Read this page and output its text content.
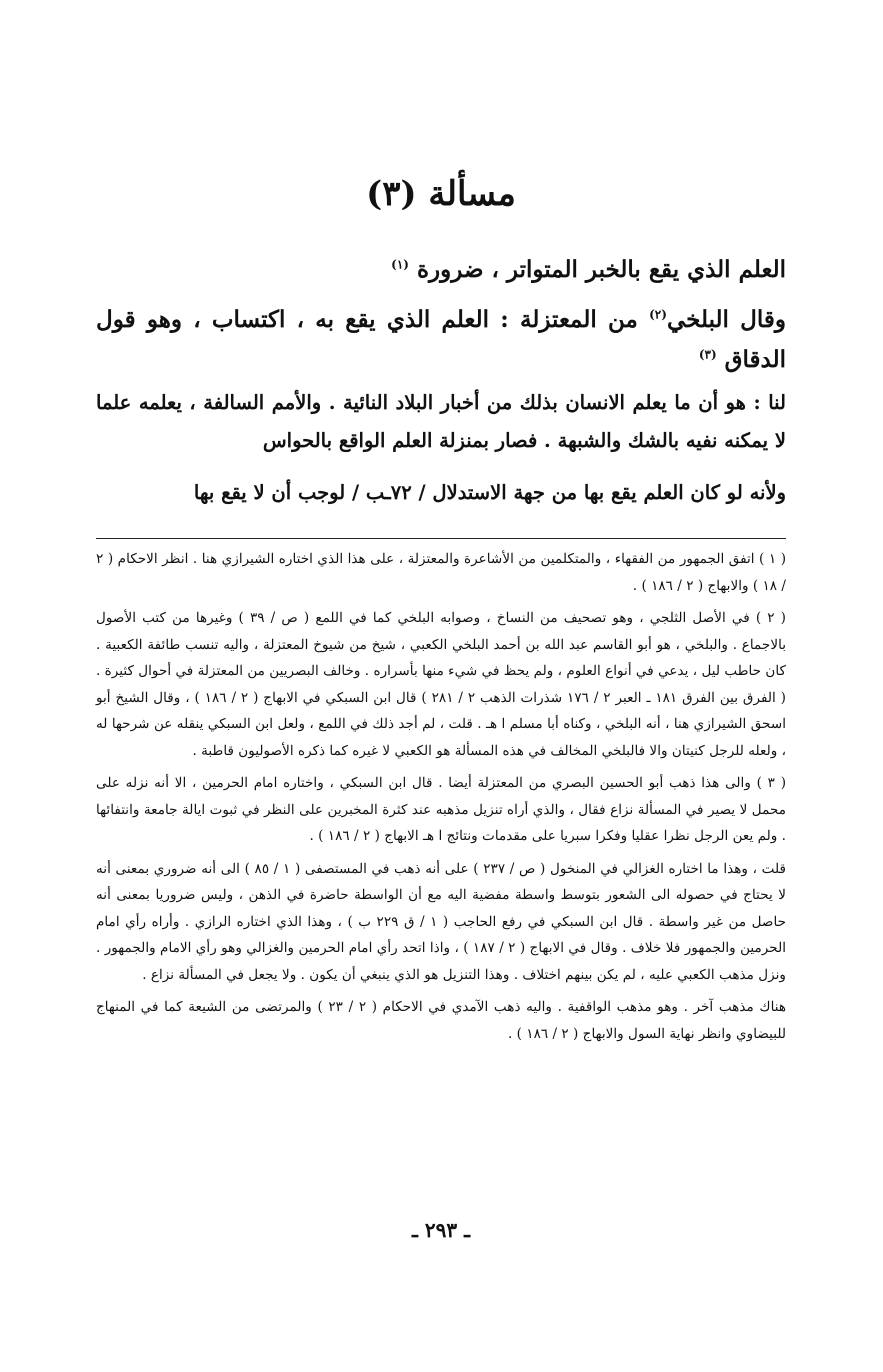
مسألة (٣)

العلم الذي يقع بالخبر المتواتر ، ضرورة $^{(١)}$

وقال البلخي$^{(٢)}$ من المعتزلة : العلم الذي يقع به ، اكتساب ، وهو قول الدقاق $^{(٣)}$

لنا : هو أن ما يعلم الانسان بذلك من أخبار البلاد النائية . والأمم السالفة ، يعلمه علما لا يمكنه نفيه بالشك والشبهة . فصار بمنزلة العلم الواقع بالحواس

ولأنه لو كان العلم يقع بها من جهة الاستدلال / ٧٢ـب / لوجب أن لا يقع بها

( ١ ) اتفق الجمهور من الفقهاء ، والمتكلمين من الأشاعرة والمعتزلة ، على هذا الذي اختاره الشيرازي هنا . انظر الاحكام ( ٢ / ١٨ ) والابهاج ( ٢ / ١٨٦ ) .

( ٢ ) في الأصل الثلجي ، وهو تصحيف من النساخ ، وصوابه البلخي كما في اللمع ( ص / ٣٩ ) وغيرها من كتب الأصول بالاجماع . والبلخي ، هو أبو القاسم عبد الله بن أحمد البلخي الكعبي ، شيخ من شيوخ المعتزلة ، واليه تنسب طائفة الكعبية . كان حاطب ليل ، يدعي في أنواع العلوم ، ولم يحظ في شيء منها بأسراره . وخالف البصريين من المعتزلة في أحوال كثيرة . ( الفرق بين الفرق ١٨١ ـ العبر ٢ / ١٧٦ شذرات الذهب ٢ / ٢٨١ ) قال ابن السبكي في الابهاج ( ٢ / ١٨٦ ) ، وقال الشيخ أبو اسحق الشيرازي هنا ، أنه البلخي ، وكناه أبا مسلم ا هـ . قلت ، لم أجد ذلك في اللمع ، ولعل ابن السبكي ينقله عن شرحها له ، ولعله للرجل كنيتان والا فالبلخي المخالف في هذه المسألة هو الكعبي لا غيره كما ذكره الأصوليون قاطبة .

( ٣ ) والى هذا ذهب أبو الحسين البصري من المعتزلة أيضا . قال ابن السبكي ، واختاره امام الحرمين ، الا أنه نزله على محمل لا يصير في المسألة نزاع فقال ، والذي أراه تنزيل مذهبه عند كثرة المخبرين على النظر في ثبوت ايالة جامعة وانتفائها . ولم يعن الرجل نظرا عقليا وفكرا سبريا على مقدمات ونتائج ا هـ الابهاج ( ٢ / ١٨٦ ) .

قلت ، وهذا ما اختاره الغزالي في المنخول ( ص / ٢٣٧ ) على أنه ذهب في المستصفى ( ١ / ٨٥ ) الى أنه ضروري بمعنى أنه لا يحتاج في حصوله الى الشعور بتوسط واسطة مفضية اليه مع أن الواسطة حاضرة في الذهن ، وليس ضروريا بمعنى أنه حاصل من غير واسطة . قال ابن السبكي في رفع الحاجب ( ١ / ق ٢٢٩ ب ) ، وهذا الذي اختاره الرازي . وأراه رأي امام الحرمين والجمهور فلا خلاف . وقال في الابهاج ( ٢ / ١٨٧ ) ، واذا اتحد رأي امام الحرمين والغزالي وهو رأي الامام والجمهور . ونزل مذهب الكعبي عليه ، لم يكن بينهم اختلاف . وهذا التنزيل هو الذي ينبغي أن يكون . ولا يجعل في المسألة نزاع .

هناك مذهب آخر . وهو مذهب الواقفية . واليه ذهب الآمدي في الاحكام ( ٢ / ٢٣ ) والمرتضى من الشيعة كما في المنهاج للبيضاوي وانظر نهاية السول والابهاج ( ٢ / ١٨٦ ) .

ـ ٢٩٣ ـ
